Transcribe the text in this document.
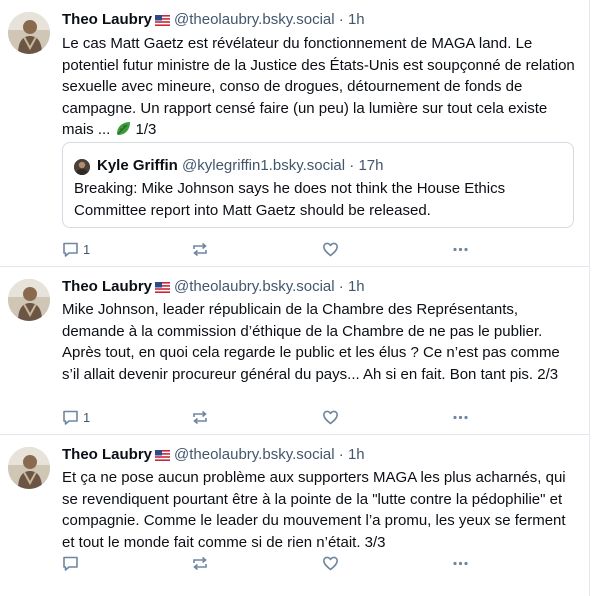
Theo Laubry @theolaubry.bsky.social · 1h
Le cas Matt Gaetz est révélateur du fonctionnement de MAGA land. Le potentiel futur ministre de la Justice des États-Unis est soupçonné de relation sexuelle avec mineure, conso de drogues, détournement de fonds de campagne. Un rapport censé faire (un peu) la lumière sur tout cela existe mais ... 1/3
Kyle Griffin @kylegriffin1.bsky.social · 17h
Breaking: Mike Johnson says he does not think the House Ethics Committee report into Matt Gaetz should be released.
1
Theo Laubry @theolaubry.bsky.social · 1h
Mike Johnson, leader républicain de la Chambre des Représentants, demande à la commission d’éthique de la Chambre de ne pas le publier. Après tout, en quoi cela regarde le public et les élus ? Ce n’est pas comme s’il allait devenir procureur général du pays... Ah si en fait. Bon tant pis. 2/3
1
Theo Laubry @theolaubry.bsky.social · 1h
Et ça ne pose aucun problème aux supporters MAGA les plus acharnés, qui se revendiquent pourtant être à la pointe de la "lutte contre la pédophilie" et compagnie. Comme le leader du mouvement l’a promu, les yeux se ferment et tout le monde fait comme si de rien n’était. 3/3
